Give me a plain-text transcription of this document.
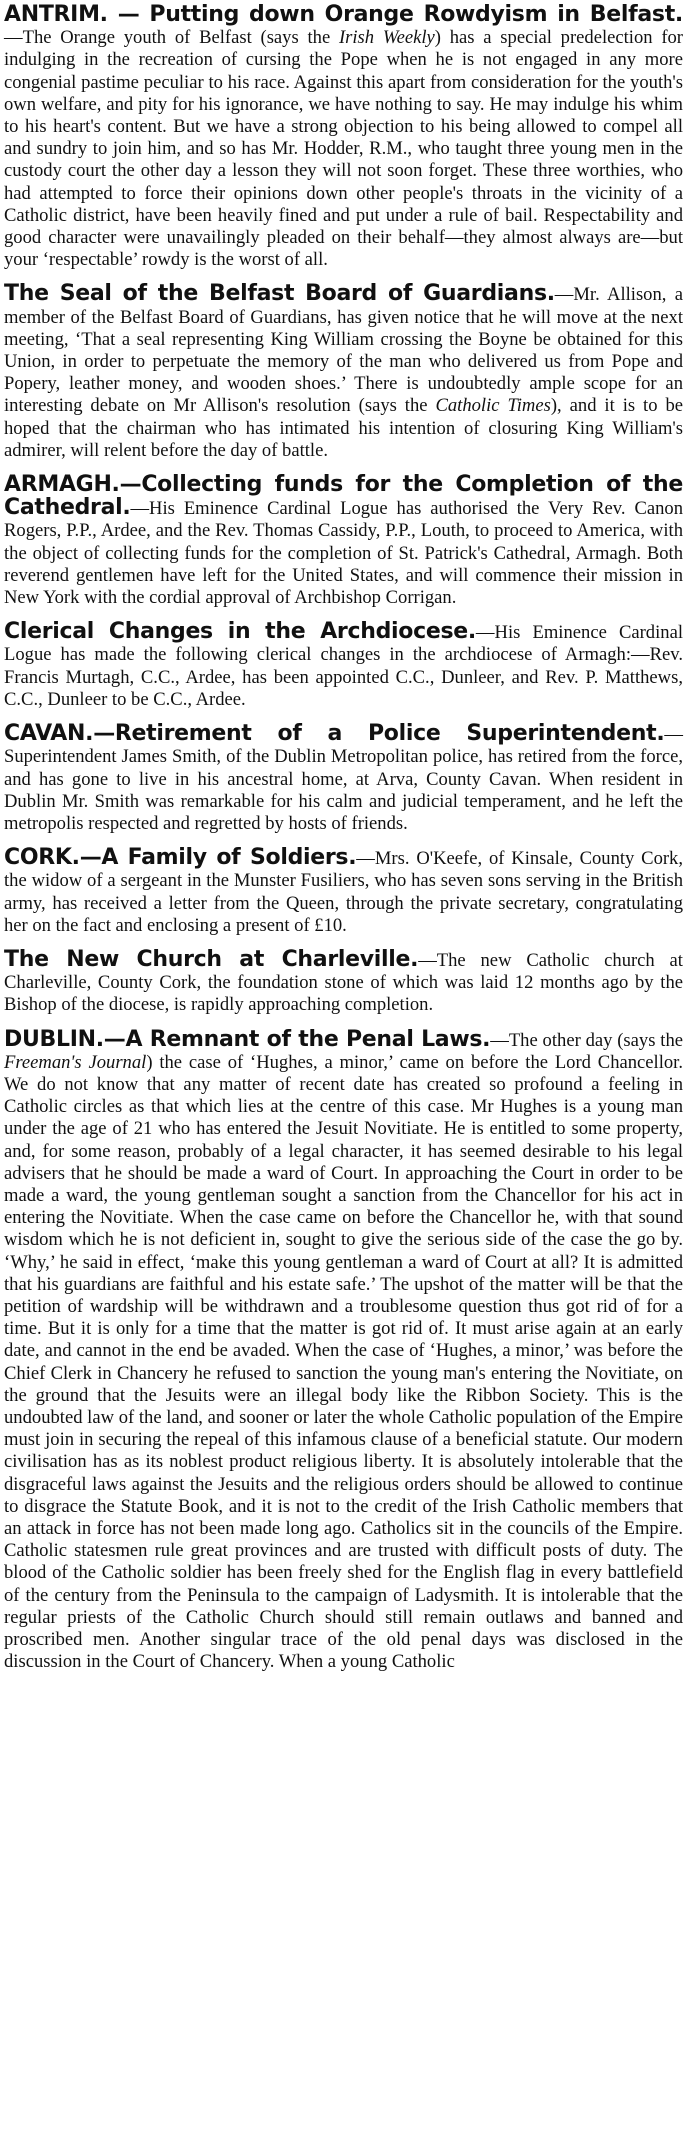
ANTRIM. — Putting down Orange Rowdyism in Belfast.—The Orange youth of Belfast (says the Irish Weekly) has a special predelection for indulging in the recreation of cursing the Pope when he is not engaged in any more congenial pastime peculiar to his race. Against this apart from consideration for the youth's own welfare, and pity for his ignorance, we have nothing to say. He may indulge his whim to his heart's content. But we have a strong objection to his being allowed to compel all and sundry to join him, and so has Mr. Hodder, R.M., who taught three young men in the custody court the other day a lesson they will not soon forget. These three worthies, who had attempted to force their opinions down other people's throats in the vicinity of a Catholic district, have been heavily fined and put under a rule of bail. Respectability and good character were unavailingly pleaded on their behalf—they almost always are—but your ‘respectable’ rowdy is the worst of all.

The Seal of the Belfast Board of Guardians.—Mr. Allison, a member of the Belfast Board of Guardians, has given notice that he will move at the next meeting, ‘That a seal representing King William crossing the Boyne be obtained for this Union, in order to perpetuate the memory of the man who delivered us from Pope and Popery, leather money, and wooden shoes.’ There is undoubtedly ample scope for an interesting debate on Mr Allison's resolution (says the Catholic Times), and it is to be hoped that the chairman who has intimated his intention of closuring King William's admirer, will relent before the day of battle.

ARMAGH.—Collecting funds for the Completion of the Cathedral.—His Eminence Cardinal Logue has authorised the Very Rev. Canon Rogers, P.P., Ardee, and the Rev. Thomas Cassidy, P.P., Louth, to proceed to America, with the object of collecting funds for the completion of St. Patrick's Cathedral, Armagh. Both reverend gentlemen have left for the United States, and will commence their mission in New York with the cordial approval of Archbishop Corrigan.

Clerical Changes in the Archdiocese.—His Eminence Cardinal Logue has made the following clerical changes in the archdiocese of Armagh:—Rev. Francis Murtagh, C.C., Ardee, has been appointed C.C., Dunleer, and Rev. P. Matthews, C.C., Dunleer to be C.C., Ardee.

CAVAN.—Retirement of a Police Superintendent.—Superintendent James Smith, of the Dublin Metropolitan police, has retired from the force, and has gone to live in his ancestral home, at Arva, County Cavan. When resident in Dublin Mr. Smith was remarkable for his calm and judicial temperament, and he left the metropolis respected and regretted by hosts of friends.

CORK.—A Family of Soldiers.—Mrs. O'Keefe, of Kinsale, County Cork, the widow of a sergeant in the Munster Fusiliers, who has seven sons serving in the British army, has received a letter from the Queen, through the private secretary, congratulating her on the fact and enclosing a present of £10.

The New Church at Charleville.—The new Catholic church at Charleville, County Cork, the foundation stone of which was laid 12 months ago by the Bishop of the diocese, is rapidly approaching completion.

DUBLIN.—A Remnant of the Penal Laws.—The other day (says the Freeman's Journal) the case of ‘Hughes, a minor,’ came on before the Lord Chancellor. We do not know that any matter of recent date has created so profound a feeling in Catholic circles as that which lies at the centre of this case. Mr Hughes is a young man under the age of 21 who has entered the Jesuit Novitiate. He is entitled to some property, and, for some reason, probably of a legal character, it has seemed desirable to his legal advisers that he should be made a ward of Court. In approaching the Court in order to be made a ward, the young gentleman sought a sanction from the Chancellor for his act in entering the Novitiate. When the case came on before the Chancellor he, with that sound wisdom which he is not deficient in, sought to give the serious side of the case the go by. ‘Why,’ he said in effect, ‘make this young gentleman a ward of Court at all? It is admitted that his guardians are faithful and his estate safe.’ The upshot of the matter will be that the petition of wardship will be withdrawn and a troublesome question thus got rid of for a time. But it is only for a time that the matter is got rid of. It must arise again at an early date, and cannot in the end be avaded. When the case of ‘Hughes, a minor,’ was before the Chief Clerk in Chancery he refused to sanction the young man's entering the Novitiate, on the ground that the Jesuits were an illegal body like the Ribbon Society. This is the undoubted law of the land, and sooner or later the whole Catholic population of the Empire must join in securing the repeal of this infamous clause of a beneficial statute. Our modern civilisation has as its noblest product religious liberty. It is absolutely intolerable that the disgraceful laws against the Jesuits and the religious orders should be allowed to continue to disgrace the Statute Book, and it is not to the credit of the Irish Catholic members that an attack in force has not been made long ago. Catholics sit in the councils of the Empire. Catholic statesmen rule great provinces and are trusted with difficult posts of duty. The blood of the Catholic soldier has been freely shed for the English flag in every battlefield of the century from the Peninsula to the campaign of Ladysmith. It is intolerable that the regular priests of the Catholic Church should still remain outlaws and banned and proscribed men. Another singular trace of the old penal days was disclosed in the discussion in the Court of Chancery. When a young Catholic
